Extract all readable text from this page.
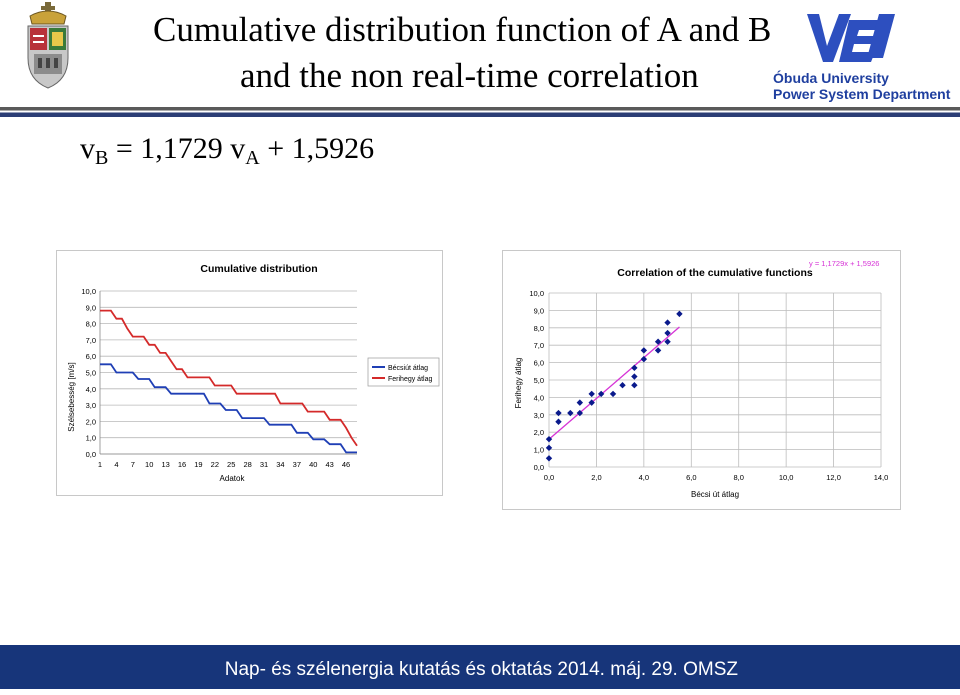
Cumulative distribution function of A and B
and the non real-time correlation	Óbuda University
Power System Department
$v_B = 1,1729$ $v_A + 1,5926$
Cumulative distribution
0,0
1,0
2,0
3,0
4,0
5,0
6,0
7,0
8,0
9,0
10,0
1 4 7 10 13 16 19 22 25 28 31 34 37 40 43 46
Adatok
Szélsebesség [m/s]	Bécsiút átlag
Ferihegy átlag
Correlation of the cumulative functions
y = 1,1729x + 1,5926
0,0
1,0
2,0
3,0
4,0
5,0
6,0
7,0
8,0
9,0
10,0
0,0	2,0	4,0	6,0	8,0	10,0	12,0	14,0
Bécsi út átlag
Ferihegy átlag
Nap- és szélenergia kutatás és oktatás 2014. máj. 29. OMSZ
